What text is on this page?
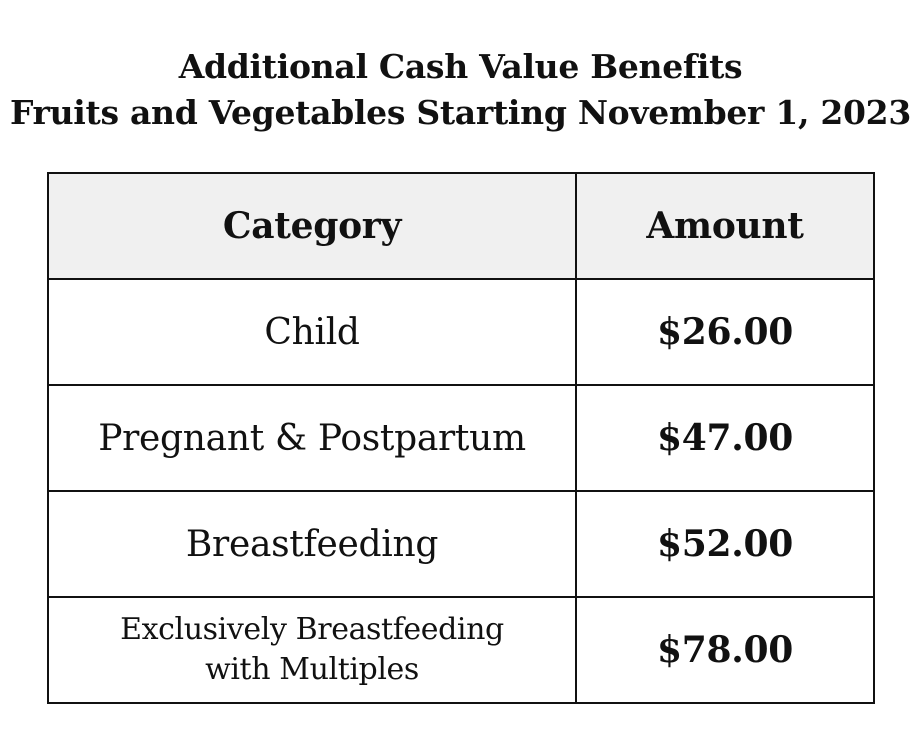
Additional Cash Value Benefits
Fruits and Vegetables Starting November 1, 2023
Category	Amount

Child	$26.00

Pregnant & Postpartum	$47.00

Breastfeeding	$52.00

Exclusively Breastfeeding
with Multiples	$78.00
